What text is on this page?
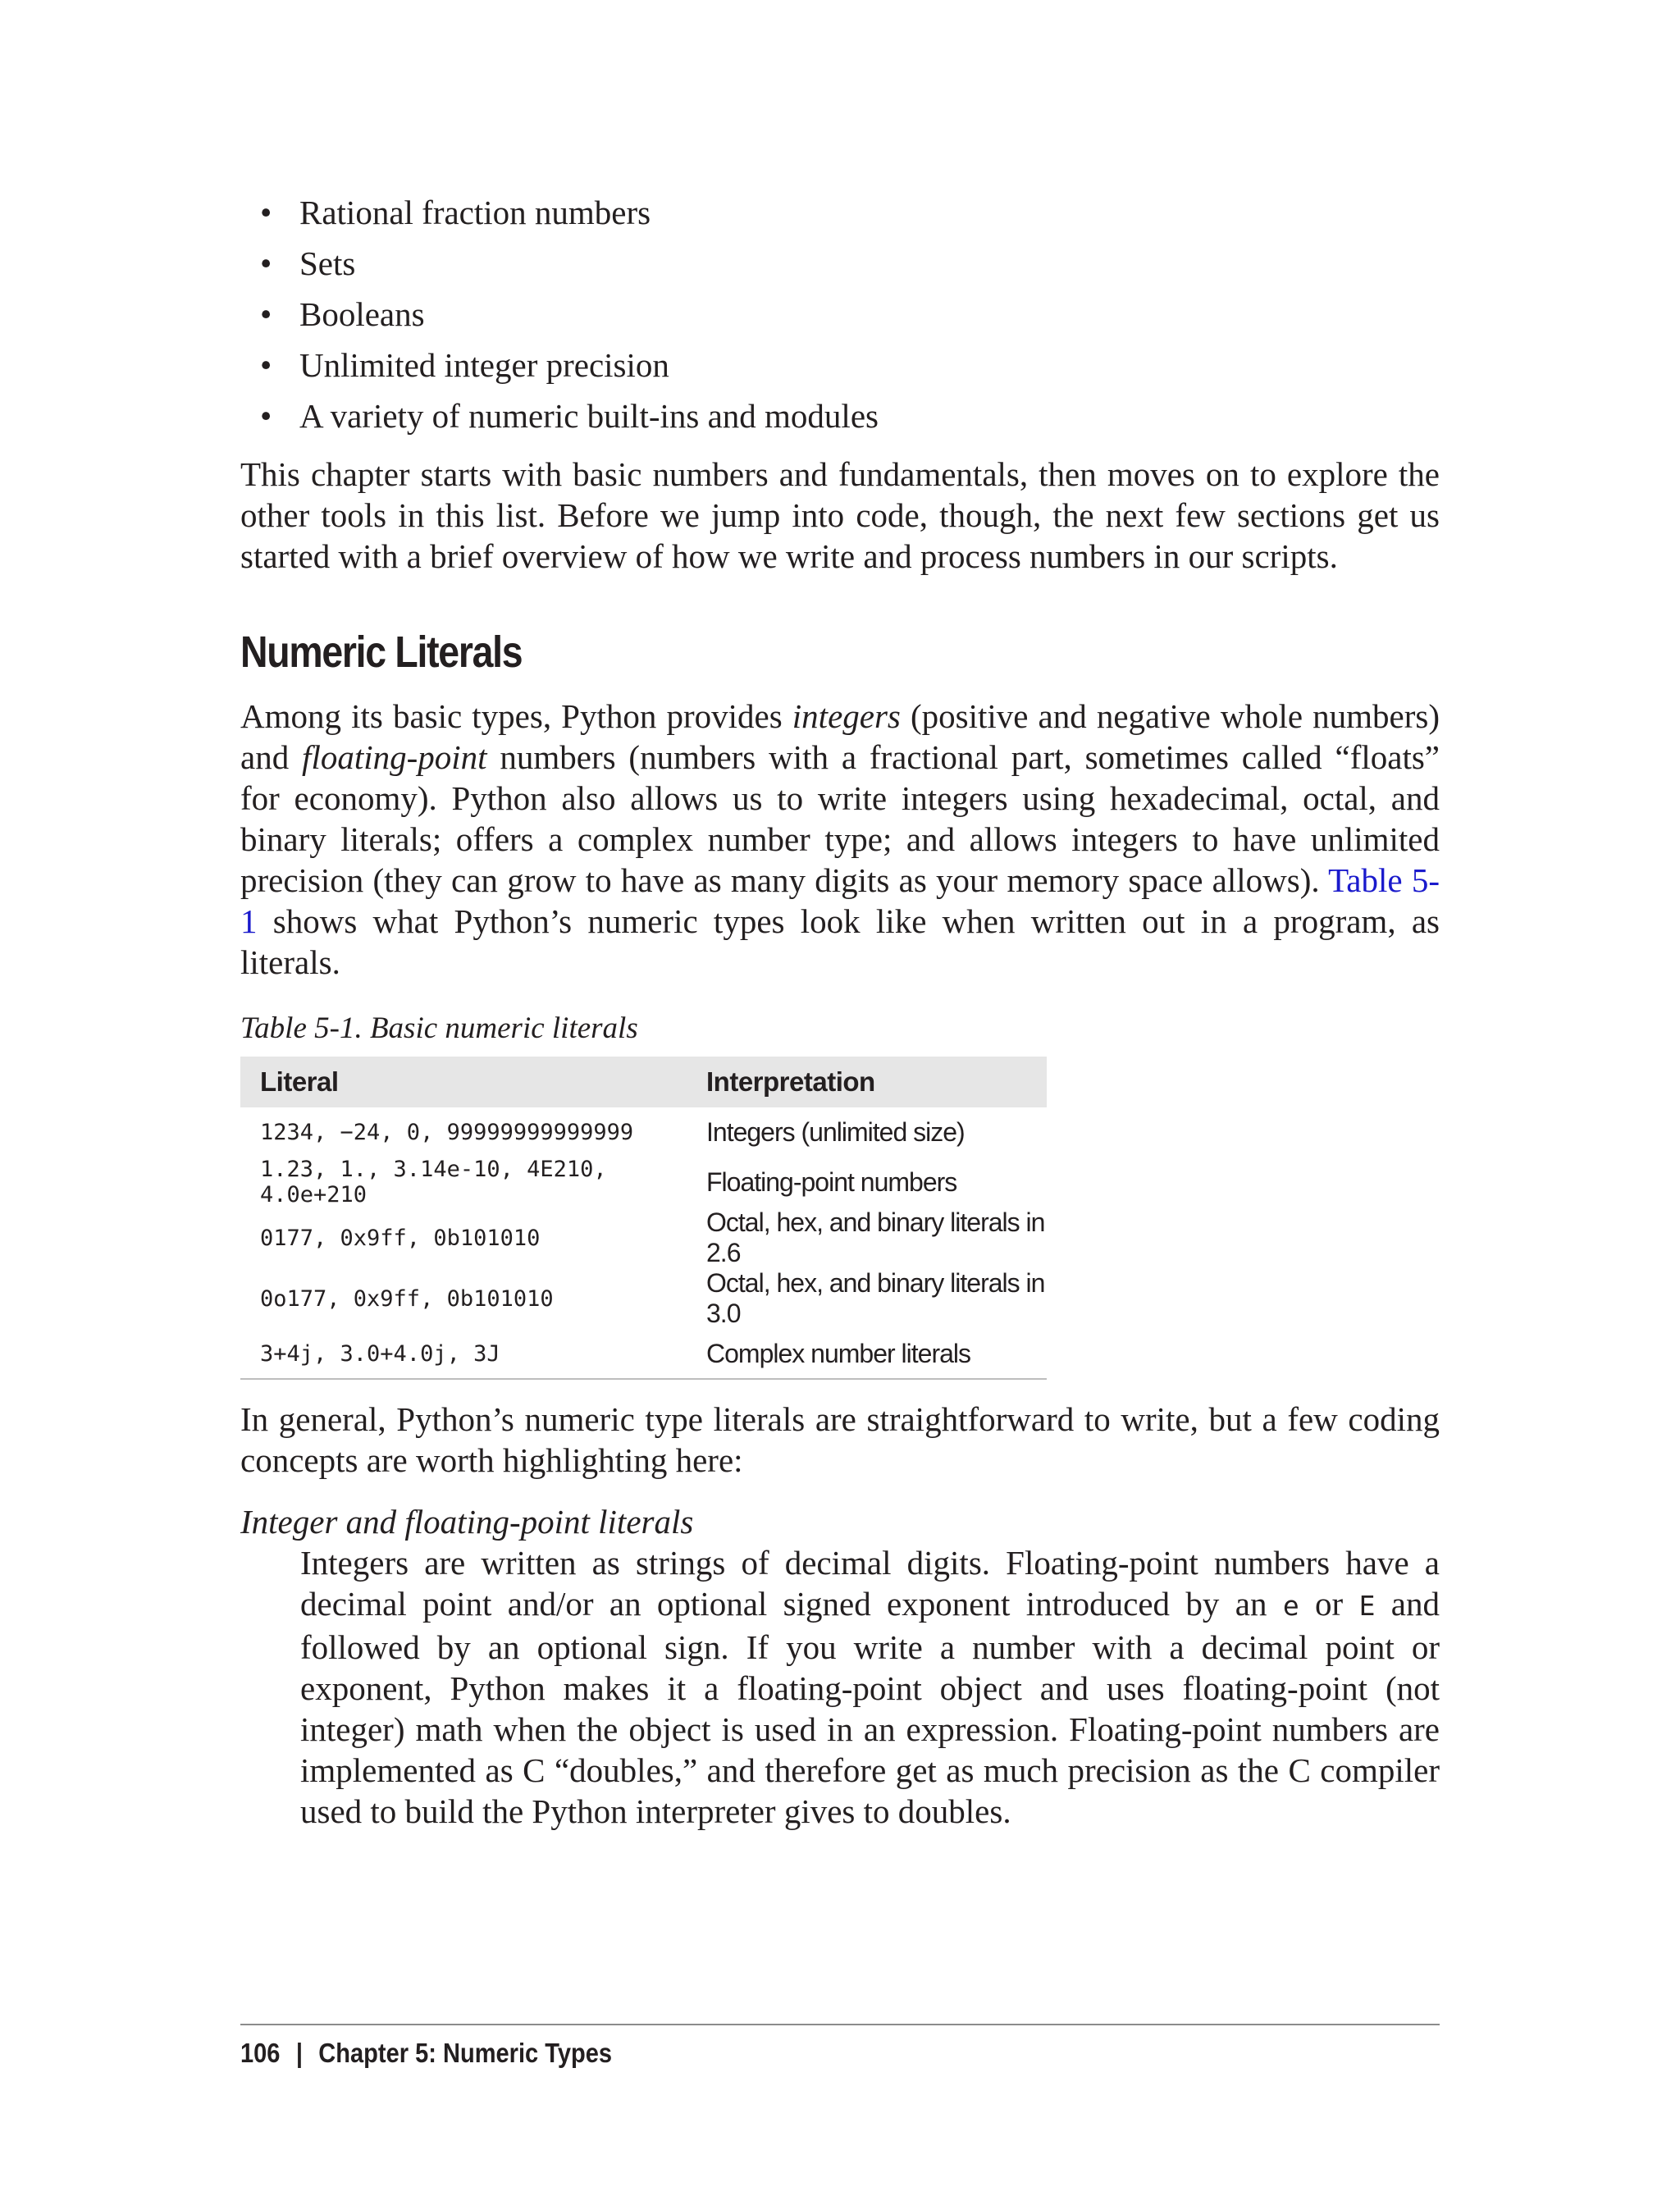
• Rational fraction numbers
• Sets
• Booleans
• Unlimited integer precision
• A variety of numeric built-ins and modules

This chapter starts with basic numbers and fundamentals, then moves on to explore the other tools in this list. Before we jump into code, though, the next few sections get us started with a brief overview of how we write and process numbers in our scripts.

Numeric Literals

Among its basic types, Python provides integers (positive and negative whole numbers) and floating-point numbers (numbers with a fractional part, sometimes called “floats” for economy). Python also allows us to write integers using hexadecimal, octal, and binary literals; offers a complex number type; and allows integers to have unlimited precision (they can grow to have as many digits as your memory space allows). Table 5-1 shows what Python’s numeric types look like when written out in a program, as literals.

Table 5-1. Basic numeric literals
Literal	Interpretation
1234, −24, 0, 99999999999999	Integers (unlimited size)
1.23, 1., 3.14e-10, 4E210, 4.0e+210	Floating-point numbers
0177, 0x9ff, 0b101010	Octal, hex, and binary literals in 2.6
0o177, 0x9ff, 0b101010	Octal, hex, and binary literals in 3.0
3+4j, 3.0+4.0j, 3J	Complex number literals

In general, Python’s numeric type literals are straightforward to write, but a few coding concepts are worth highlighting here:

Integer and floating-point literals

Integers are written as strings of decimal digits. Floating-point numbers have a decimal point and/or an optional signed exponent introduced by an e or E and followed by an optional sign. If you write a number with a decimal point or exponent, Python makes it a floating-point object and uses floating-point (not integer) math when the object is used in an expression. Floating-point numbers are implemented as C “doubles,” and therefore get as much precision as the C compiler used to build the Python interpreter gives to doubles.

106 | Chapter 5: Numeric Types
